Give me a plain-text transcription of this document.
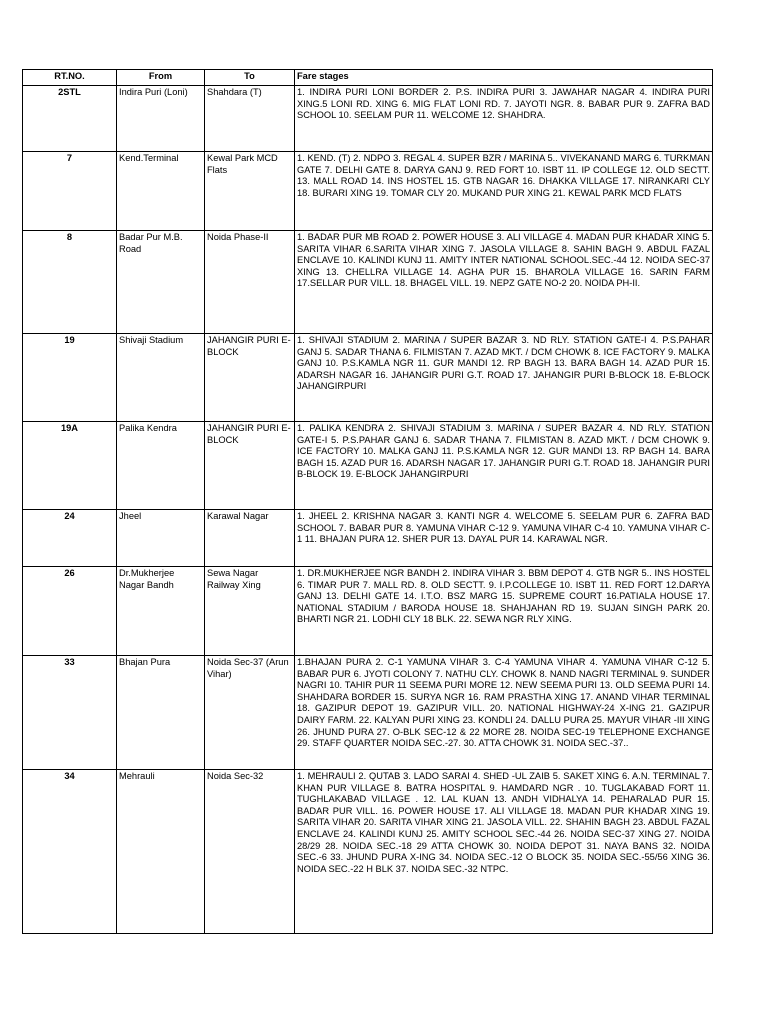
RT.NO.	From	To	Fare stages
2STL	Indira Puri (Loni)	Shahdara (T)	1. INDIRA PURI LONI BORDER 2. P.S. INDIRA PURI 3. JAWAHAR NAGAR 4. INDIRA PURI XING.5 LONI RD. XING 6. MIG FLAT LONI RD. 7. JAYOTI NGR. 8. BABAR PUR 9. ZAFRA BAD SCHOOL 10. SEELAM PUR 11. WELCOME 12. SHAHDRA.
7	Kend.Terminal	Kewal Park MCD Flats	1. KEND. (T) 2. NDPO 3. REGAL 4. SUPER BZR / MARINA 5.. VIVEKANAND MARG 6. TURKMAN GATE 7. DELHI GATE 8. DARYA GANJ 9. RED FORT 10. ISBT 11. IP COLLEGE 12. OLD SECTT. 13. MALL ROAD 14. INS HOSTEL 15. GTB NAGAR 16. DHAKKA VILLAGE 17. NIRANKARI CLY 18. BURARI XING 19. TOMAR CLY 20. MUKAND PUR XING 21. KEWAL PARK MCD FLATS
8	Badar Pur M.B. Road	Noida Phase-II	1. BADAR PUR MB ROAD 2. POWER HOUSE 3. ALI VILLAGE 4. MADAN PUR KHADAR XING 5. SARITA VIHAR 6.SARITA VIHAR XING 7. JASOLA VILLAGE 8. SAHIN BAGH 9. ABDUL FAZAL ENCLAVE 10. KALINDI KUNJ 11. AMITY INTER NATIONAL SCHOOL.SEC.-44 12. NOIDA SEC-37 XING 13. CHELLRA VILLAGE 14. AGHA PUR 15. BHAROLA VILLAGE 16. SARIN FARM 17.SELLAR PUR VILL. 18. BHAGEL VILL. 19. NEPZ GATE NO-2 20. NOIDA PH-II.
19	Shivaji Stadium	JAHANGIR PURI E-BLOCK	1. SHIVAJI STADIUM 2. MARINA / SUPER BAZAR 3. ND RLY. STATION GATE-I 4. P.S.PAHAR GANJ 5. SADAR THANA 6. FILMISTAN 7. AZAD MKT. / DCM CHOWK 8. ICE FACTORY 9. MALKA GANJ 10. P.S.KAMLA NGR 11. GUR MANDI 12. RP BAGH 13. BARA BAGH 14. AZAD PUR 15. ADARSH NAGAR 16. JAHANGIR PURI G.T. ROAD 17. JAHANGIR PURI B-BLOCK 18. E-BLOCK JAHANGIRPURI
19A	Palika Kendra	JAHANGIR PURI E-BLOCK	1. PALIKA KENDRA 2. SHIVAJI STADIUM 3. MARINA / SUPER BAZAR 4. ND RLY. STATION GATE-I 5. P.S.PAHAR GANJ 6. SADAR THANA 7. FILMISTAN 8. AZAD MKT. / DCM CHOWK 9. ICE FACTORY 10. MALKA GANJ 11. P.S.KAMLA NGR 12. GUR MANDI 13. RP BAGH 14. BARA BAGH 15. AZAD PUR 16. ADARSH NAGAR 17. JAHANGIR PURI G.T. ROAD 18. JAHANGIR PURI B-BLOCK 19. E-BLOCK JAHANGIRPURI
24	Jheel	Karawal Nagar	1. JHEEL 2. KRISHNA NAGAR 3. KANTI NGR 4. WELCOME 5. SEELAM PUR 6. ZAFRA BAD SCHOOL 7. BABAR PUR 8. YAMUNA VIHAR C-12 9. YAMUNA VIHAR C-4 10. YAMUNA VIHAR C-1 11. BHAJAN PURA 12. SHER PUR 13. DAYAL PUR 14. KARAWAL NGR.
26	Dr.Mukherjee Nagar Bandh	Sewa Nagar Railway Xing	1. DR.MUKHERJEE NGR BANDH 2. INDIRA VIHAR 3. BBM DEPOT 4. GTB NGR 5.. INS HOSTEL 6. TIMAR PUR 7. MALL RD. 8. OLD SECTT. 9. I.P.COLLEGE 10. ISBT 11. RED FORT 12.DARYA GANJ 13. DELHI GATE 14. I.T.O. BSZ MARG 15. SUPREME COURT 16.PATIALA HOUSE 17. NATIONAL STADIUM / BARODA HOUSE 18. SHAHJAHAN RD 19. SUJAN SINGH PARK 20. BHARTI NGR 21. LODHI CLY 18 BLK. 22. SEWA NGR RLY XING.
33	Bhajan Pura	Noida Sec-37 (Arun Vihar)	1.BHAJAN PURA 2. C-1 YAMUNA VIHAR 3. C-4 YAMUNA VIHAR 4. YAMUNA VIHAR C-12 5. BABAR PUR 6. JYOTI COLONY 7. NATHU CLY. CHOWK 8. NAND NAGRI TERMINAL 9. SUNDER NAGRI 10. TAHIR PUR 11 SEEMA PURI MORE 12. NEW SEEMA PURI 13. OLD SEEMA PURI 14. SHAHDARA BORDER 15. SURYA NGR 16. RAM PRASTHA XING 17. ANAND VIHAR TERMINAL 18. GAZIPUR DEPOT 19. GAZIPUR VILL. 20. NATIONAL HIGHWAY-24 X-ING 21. GAZIPUR DAIRY FARM. 22. KALYAN PURI XING 23. KONDLI 24. DALLU PURA 25. MAYUR VIHAR -III XING 26. JHUND PURA 27. O-BLK SEC-12 & 22 MORE 28. NOIDA SEC-19 TELEPHONE EXCHANGE 29. STAFF QUARTER NOIDA SEC.-27. 30. ATTA CHOWK 31. NOIDA SEC.-37..
34	Mehrauli	Noida Sec-32	1. MEHRAULI 2. QUTAB 3. LADO SARAI 4. SHED -UL ZAIB 5. SAKET XING 6. A.N. TERMINAL 7. KHAN PUR VILLAGE 8. BATRA HOSPITAL 9. HAMDARD NGR . 10. TUGLAKABAD FORT 11. TUGHLAKABAD VILLAGE . 12. LAL KUAN 13. ANDH VIDHALYA 14. PEHARALAD PUR 15. BADAR PUR VILL. 16. POWER HOUSE 17. ALI VILLAGE 18. MADAN PUR KHADAR XING 19. SARITA VIHAR 20. SARITA VIHAR XING 21. JASOLA VILL. 22. SHAHIN BAGH 23. ABDUL FAZAL ENCLAVE 24. KALINDI KUNJ 25. AMITY SCHOOL SEC.-44 26. NOIDA SEC-37 XING 27. NOIDA 28/29 28. NOIDA SEC.-18 29 ATTA CHOWK 30. NOIDA DEPOT 31. NAYA BANS 32. NOIDA SEC.-6 33. JHUND PURA X-ING 34. NOIDA SEC.-12 O BLOCK 35. NOIDA SEC.-55/56 XING 36. NOIDA SEC.-22 H BLK 37. NOIDA SEC.-32 NTPC.
